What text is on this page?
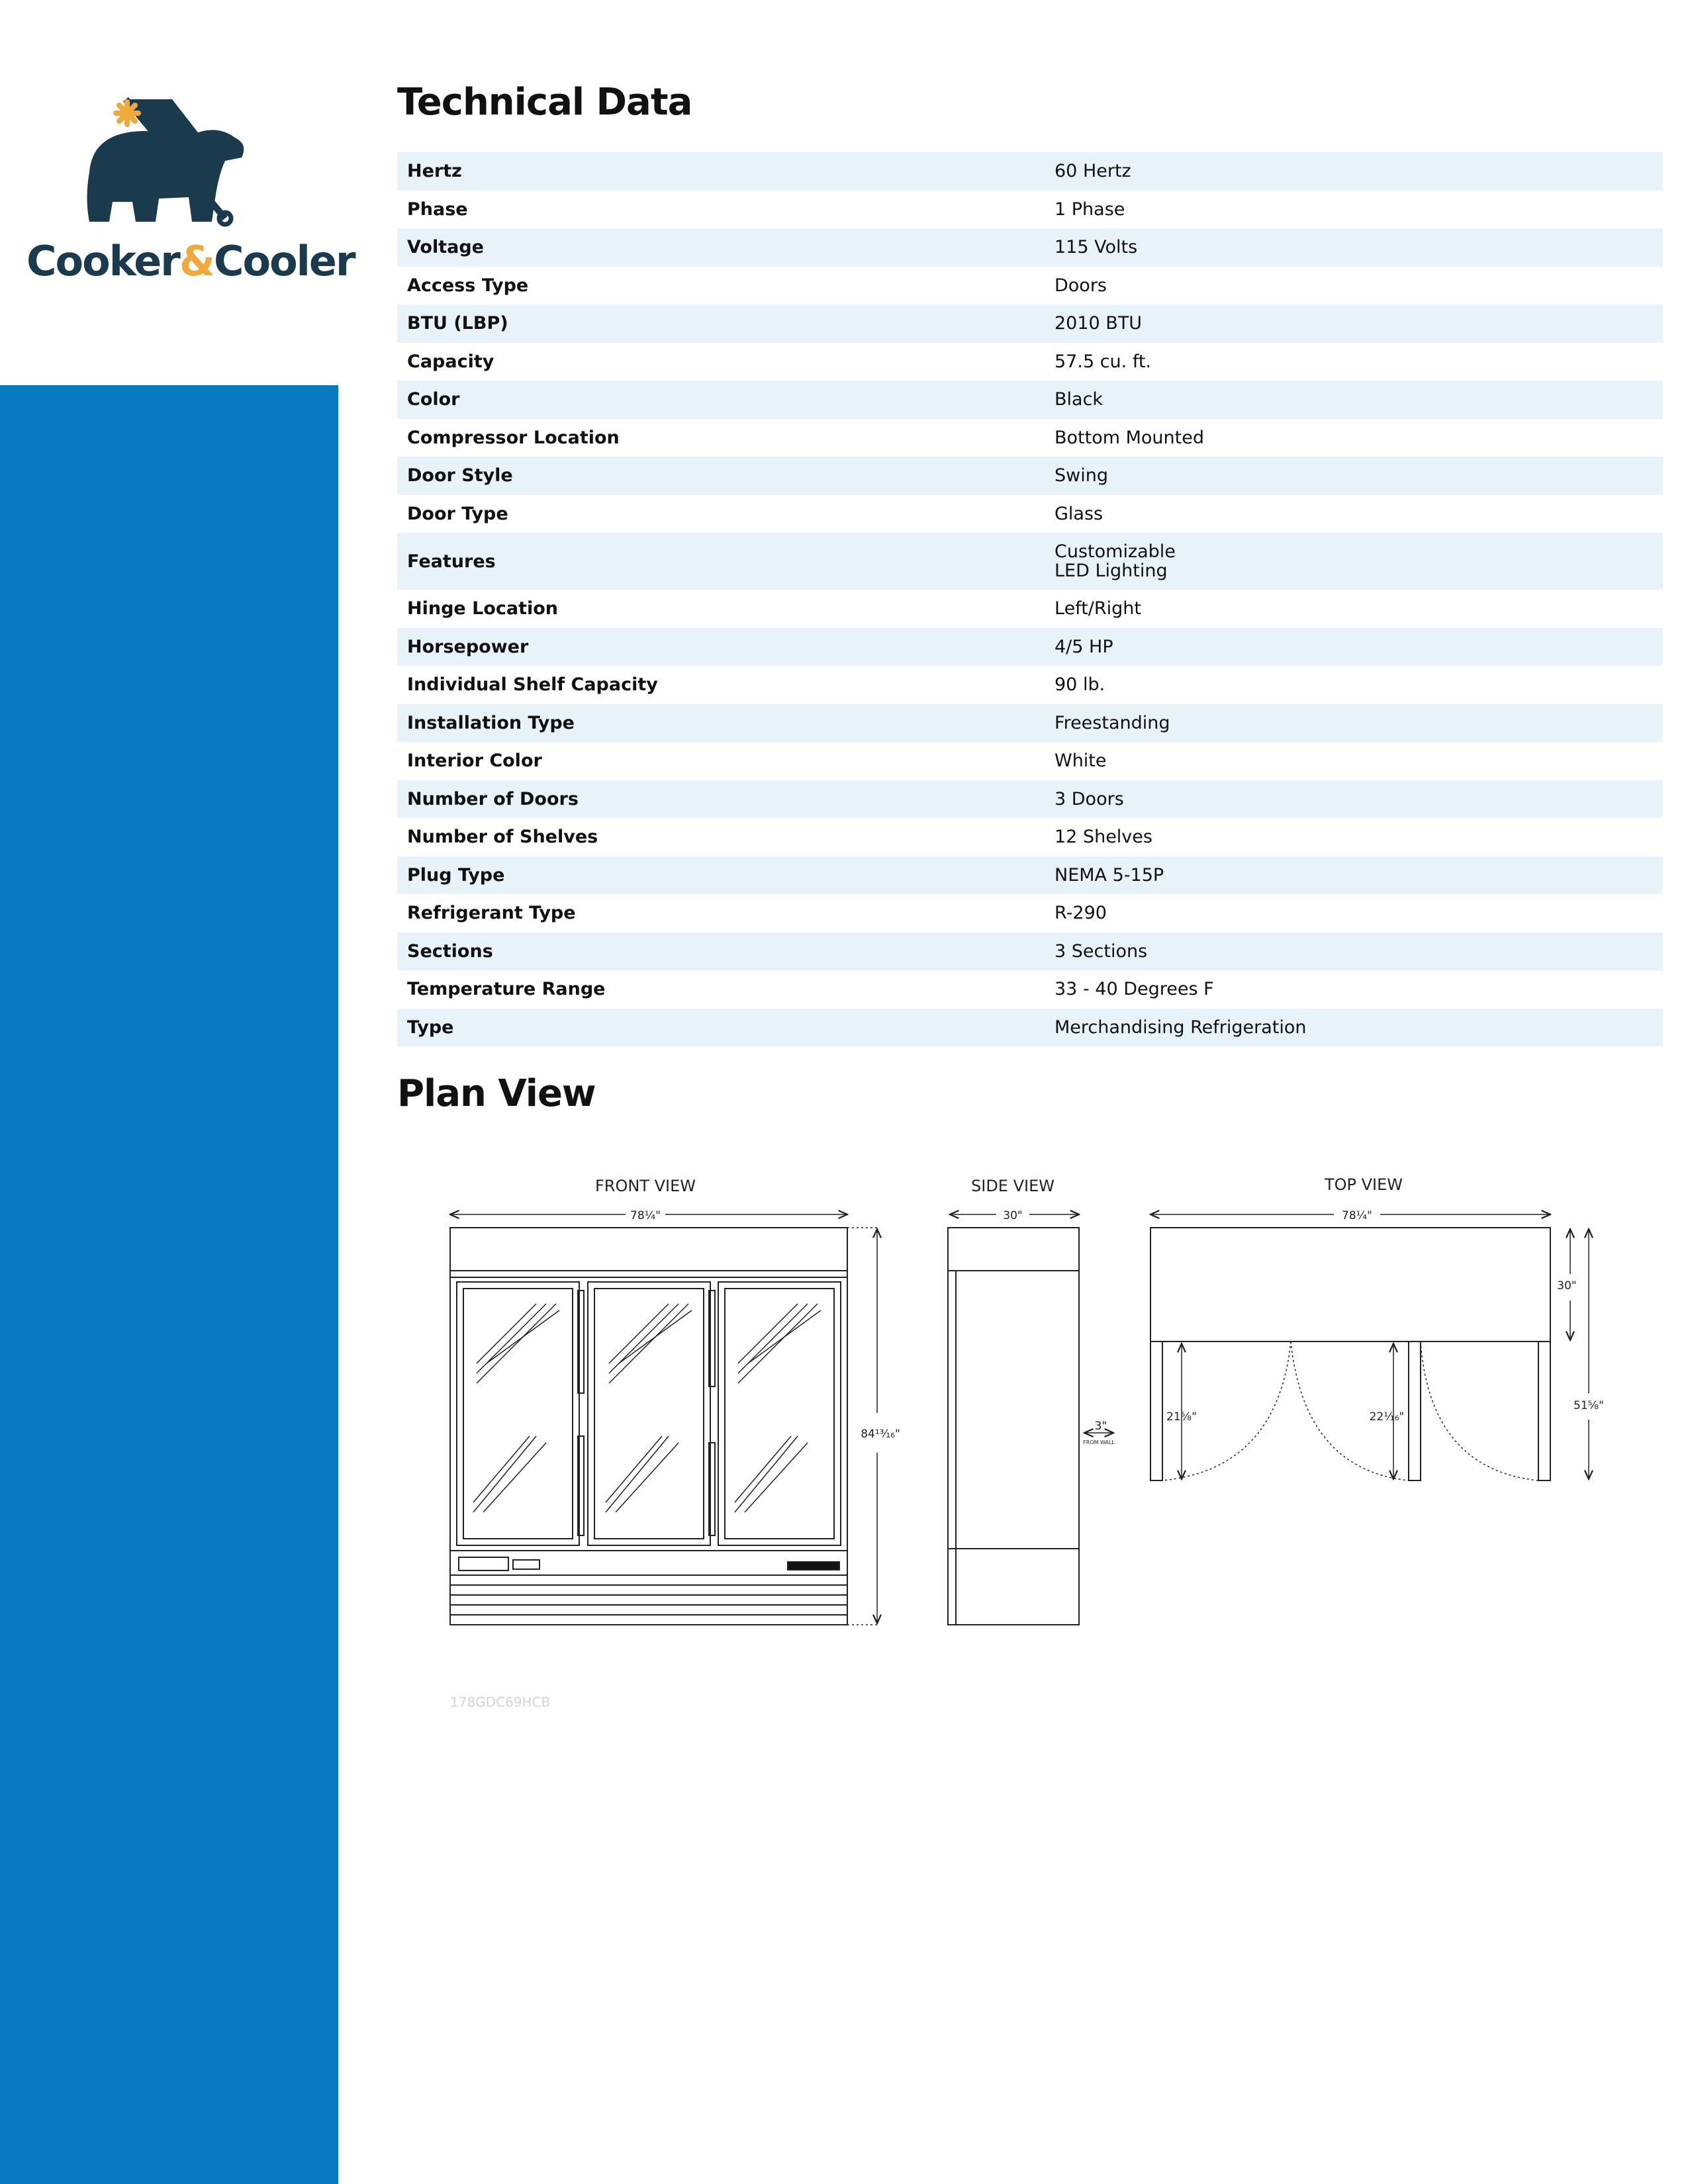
Cooker&Cooler
Technical Data
Hertz	60 Hertz
Phase	1 Phase
Voltage	115 Volts
Access Type	Doors
BTU (LBP)	2010 BTU
Capacity	57.5 cu. ft.
Color	Black
Compressor Location	Bottom Mounted
Door Style	Swing
Door Type	Glass
Features	Customizable
LED Lighting

Hinge Location	Left/Right
Horsepower	4/5 HP
Individual Shelf Capacity	90 lb.
Installation Type	Freestanding
Interior Color	White
Number of Doors	3 Doors
Number of Shelves	12 Shelves
Plug Type	NEMA 5-15P
Refrigerant Type	R-290
Sections	3 Sections
Temperature Range	33 - 40 Degrees F
Type	Merchandising Refrigeration
Plan View
FRONT VIEW
78¼"
84¹³⁄₁₆"
SIDE VIEW
30"
3"
FROM WALL
TOP VIEW
78¼"
30"
21⅝"	22⅟₁₆"
51⅝"
178GDC69HCB
